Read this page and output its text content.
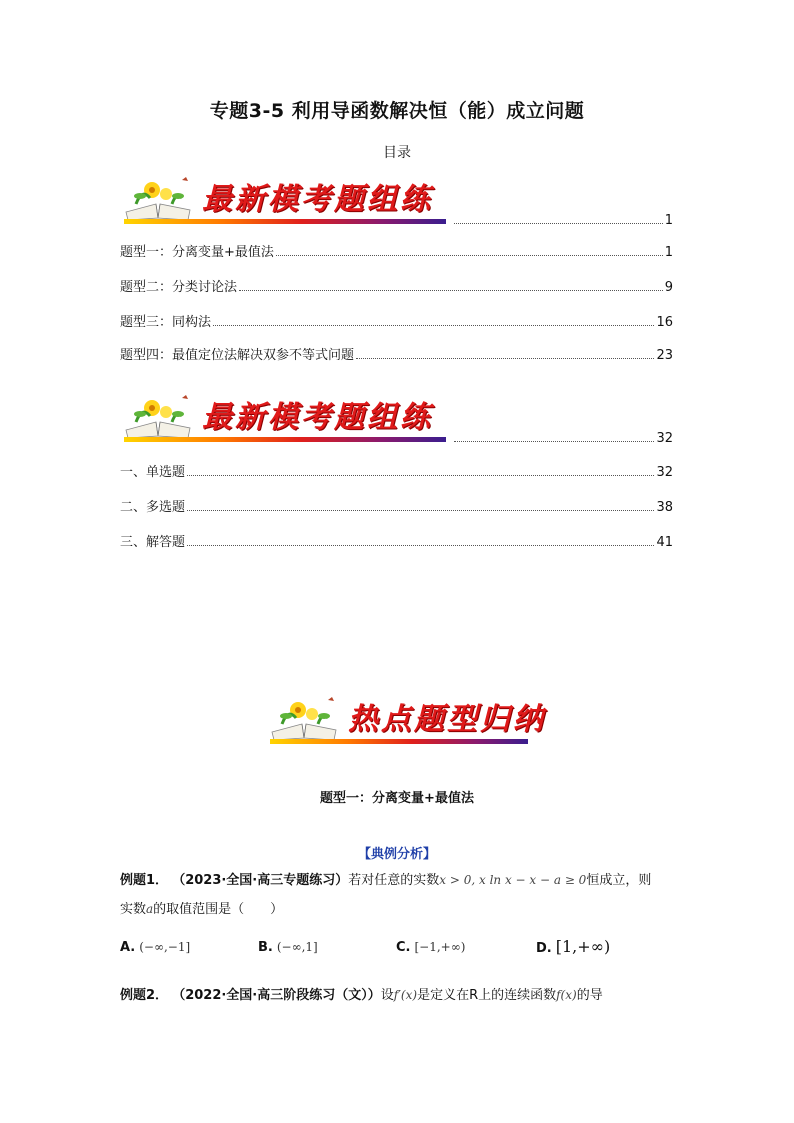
专题3-5 利用导函数解决恒（能）成立问题
目录
最新模考题组练
1
题型一：分离变量+最值法	1
题型二：分类讨论法	9
题型三：同构法	16
题型四：最值定位法解决双参不等式问题	23
最新模考题组练
32
一、单选题	32
二、多选题	38
三、解答题	41
热点题型归纳
题型一：分离变量+最值法
【典例分析】
例题1． （2023·全国·高三专题练习）若对任意的实数x > 0, x ln x − x − a ≥ 0恒成立，则
实数a的取值范围是（　　）
A. (−∞,−1]	B. (−∞,1]	C. [−1,+∞)	D. [1,+∞)
例题2． （2022·全国·高三阶段练习（文））设f′(x)是定义在R上的连续函数f(x)的导
